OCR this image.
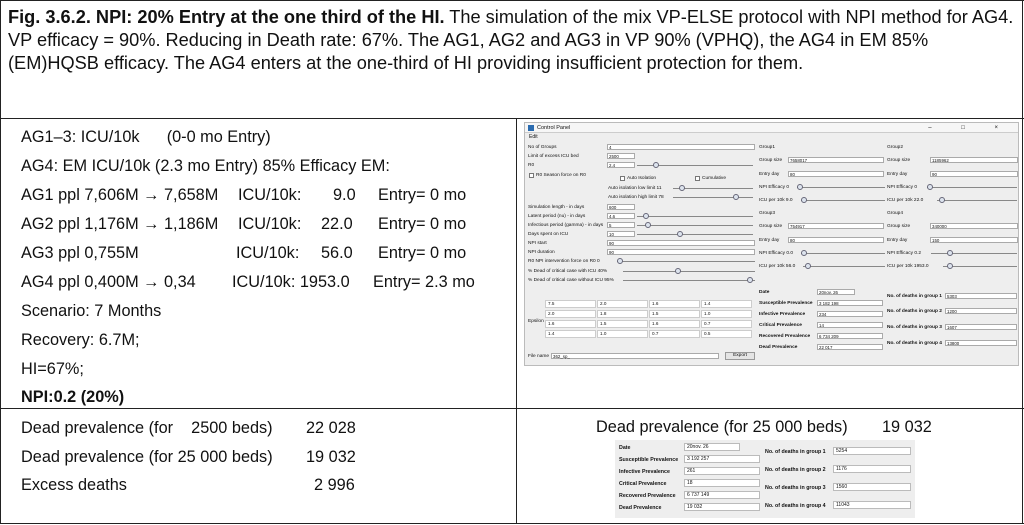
Fig. 3.6.2. NPI: 20% Entry at the one third of the HI. The simulation of the mix VP-ELSE protocol with NPI method for AG4. VP efficacy = 90%. Reducing in Death rate: 67%. The AG1, AG2 and AG3 in VP 90% (VPHQ), the AG4 in EM 85% (EM)HQSB efficacy. The AG4 enters at the one-third of HI providing insufficient protection for them.
AG1–3: ICU/10k      (0-0 mo Entry)
AG4: EM ICU/10k (2.3 mo Entry) 85% Efficacy EM:
AG1 ppl 7,606M → 7,658M ICU/10k: 9.0 Entry= 0 mo
AG2 ppl 1,176M → 1,186M ICU/10k: 22.0 Entry= 0 mo
AG3 ppl 0,755M	ICU/10k: 56.0 Entry= 0 mo
AG4 ppl 0,400M → 0,34 ICU/10k: 1953.0 Entry= 2.3 mo
Scenario: 7 Months
Recovery: 6.7M;
HI=67%;
NPI:0.2 (20%)
Control Panel	– □ ×
Edit
No of Groups	4
Limit of excess ICU bed	2500
R0	2.4
R0 Season force on R0
Auto Isolation	Cumulative
Auto isolation low limit 11
Auto isolation high limit 78
Simulation length - in days	600
Latent period (nu) - in days	4.6
Infectious period (gamma) - in days	5
Days spent on ICU	10
NPI start	90
NPI duration	90
R0 NPI intervention force on R0 0
% Dead of critical case with ICU 40%
% Dead of critical case without ICU 95%
Epsilon
7.5	2.0	1.6	1.4
2.0	1.8	1.5	1.0
1.6	1.5	1.6	0.7
1.4	1.0	0.7	0.5
File name 362_sp_	Export
Group1
Group size	7658017
Entry day	80
NPI Efficacy 0
ICU per 10k 9.0
Group2
Group size	1185962
Entry day	90
NPI Efficacy 0
ICU per 10k 22.0
Group3
Group size	754917
Entry day	80
NPI Efficacy 0.0
ICU per 10k 56.0
Group4
Group size	340000
Entry day	150
NPI Efficacy 0.2
ICU per 10k 1953.0
Date	20nov. 26
Susceptible Prevalence	3 182 198
Infective Prevalence	234
Critical Prevalence	14
Recovered Prevalence	6 734 209
Dead Prevalence	22 017
No. of deaths in group 1	5303
No. of deaths in group 2	1200
No. of deaths in group 3	1607
No. of deaths in group 4	13800
Dead prevalence (for    2500 beds) 22 028
Dead prevalence (for 25 000 beds) 19 032
Excess deaths	2 996
Dead prevalence (for 25 000 beds) 19 032
Date	20nov. 26
Susceptible Prevalence	3 192 257
Infective Prevalence	261
Critical Prevalence	18
Recovered Prevalence	6 737 149
Dead Prevalence	19 032
No. of deaths in group 1	5254
No. of deaths in group 2	1176
No. of deaths in group 3	1560
No. of deaths in group 4	11043
